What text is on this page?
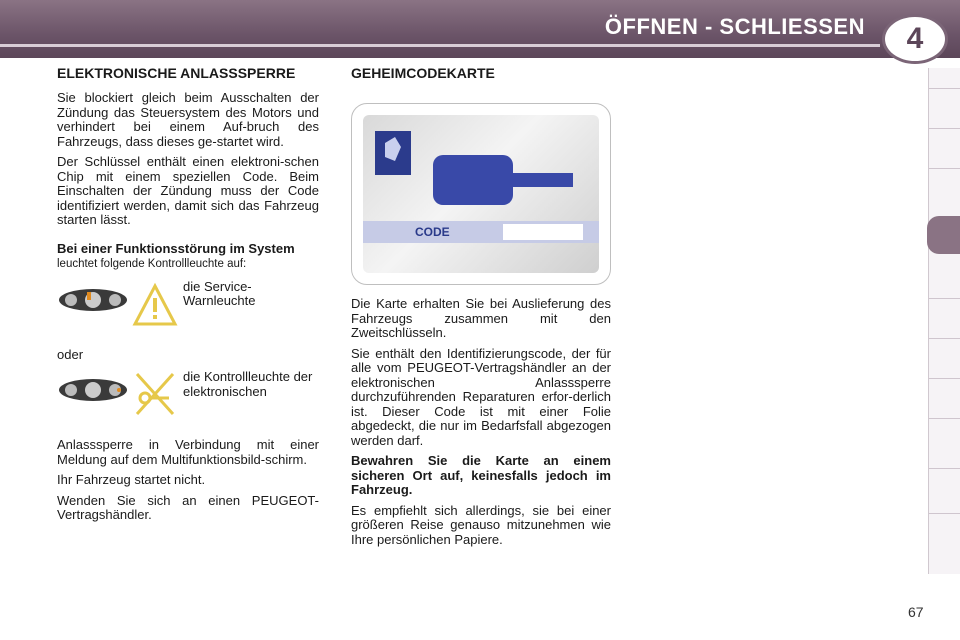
ÖFFNEN - SCHLIESSEN 4
ELEKTRONISCHE ANLASSSPERRE

Sie blockiert gleich beim Ausschalten der Zündung das Steuersystem des Motors und verhindert bei einem Auf-bruch des Fahrzeugs, dass dieses ge-startet wird.

Der Schlüssel enthält einen elektroni-schen Chip mit einem speziellen Code. Beim Einschalten der Zündung muss der Code identifiziert werden, damit sich das Fahrzeug starten lässt.

Bei einer Funktionsstörung im System
leuchtet folgende Kontrollleuchte auf:

die Service-Warnleuchte

oder

die Kontrollleuchte der elektronischen

Anlasssperre in Verbindung mit einer Meldung auf dem Multifunktionsbild-schirm.

Ihr Fahrzeug startet nicht.

Wenden Sie sich an einen PEUGEOT-Vertragshändler.

GEHEIMCODEKARTE
CODE

Die Karte erhalten Sie bei Auslieferung des Fahrzeugs zusammen mit den Zweitschlüsseln.

Sie enthält den Identifizierungscode, der für alle vom PEUGEOT-Vertragshändler an der elektronischen Anlasssperre durchzuführenden Reparaturen erfor-derlich ist. Dieser Code ist mit einer Folie abgedeckt, die nur im Bedarfsfall abgezogen werden darf.

Bewahren Sie die Karte an einem sicheren Ort auf, keinesfalls jedoch im Fahrzeug.

Es empfiehlt sich allerdings, sie bei einer größeren Reise genauso mitzunehmen wie Ihre persönlichen Papiere.

67
